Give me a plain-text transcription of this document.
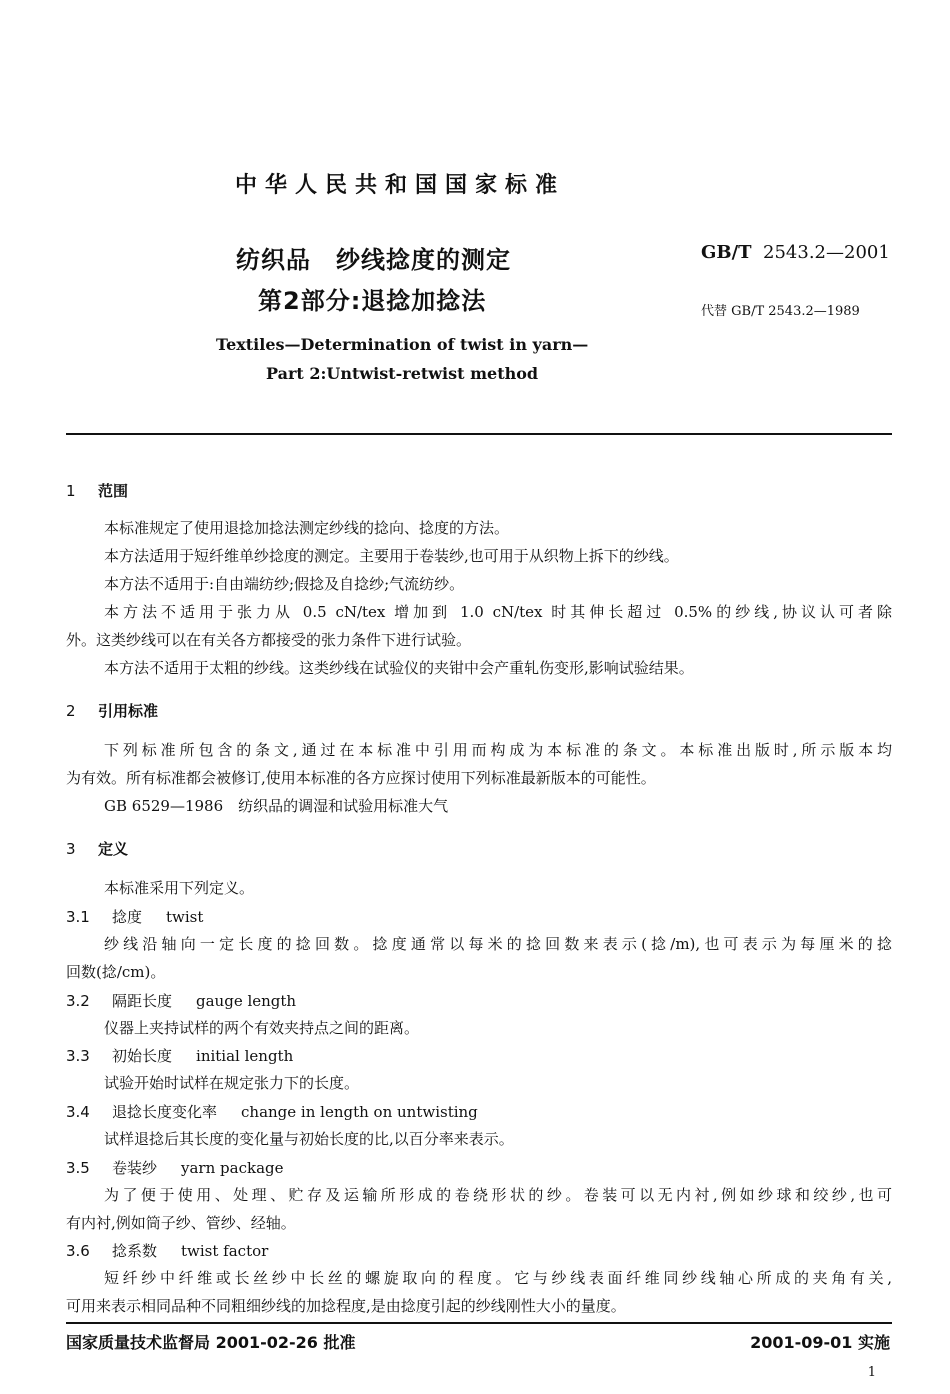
中华人民共和国国家标准
纺织品　纱线捻度的测定
第2部分:退捻加捻法
GB/T 2543.2—2001
代替 GB/T 2543.2—1989
Textiles—Determination of twist in yarn—
Part 2:Untwist-retwist method
1 范围
本标准规定了使用退捻加捻法测定纱线的捻向、捻度的方法。
本方法适用于短纤维单纱捻度的测定。主要用于卷装纱,也可用于从织物上拆下的纱线。
本方法不适用于:自由端纺纱;假捻及自捻纱;气流纺纱。
本方法不适用于张力从 0.5 cN/tex 增加到 1.0 cN/tex 时其伸长超过 0.5%的纱线,协议认可者除
外。这类纱线可以在有关各方都接受的张力条件下进行试验。
本方法不适用于太粗的纱线。这类纱线在试验仪的夹钳中会产重轧伤变形,影响试验结果。
2 引用标准
下列标准所包含的条文,通过在本标准中引用而构成为本标准的条文。本标准出版时,所示版本均
为有效。所有标准都会被修订,使用本标准的各方应探讨使用下列标准最新版本的可能性。
GB 6529—1986　纺织品的调湿和试验用标准大气
3 定义
本标准采用下列定义。
3.1 捻度 twist
纱线沿轴向一定长度的捻回数。捻度通常以每米的捻回数来表示(捻/m),也可表示为每厘米的捻
回数(捻/cm)。
3.2 隔距长度 gauge length
仪器上夹持试样的两个有效夹持点之间的距离。
3.3 初始长度 initial length
试验开始时试样在规定张力下的长度。
3.4 退捻长度变化率 change in length on untwisting
试样退捻后其长度的变化量与初始长度的比,以百分率来表示。
3.5 卷装纱 yarn package
为了便于使用、处理、贮存及运输所形成的卷绕形状的纱。卷装可以无内衬,例如纱球和绞纱,也可
有内衬,例如筒子纱、管纱、经轴。
3.6 捻系数 twist factor
短纤纱中纤维或长丝纱中长丝的螺旋取向的程度。它与纱线表面纤维同纱线轴心所成的夹角有关,
可用来表示相同品种不同粗细纱线的加捻程度,是由捻度引起的纱线刚性大小的量度。
国家质量技术监督局 2001-02-26 批准	2001-09-01 实施
1
